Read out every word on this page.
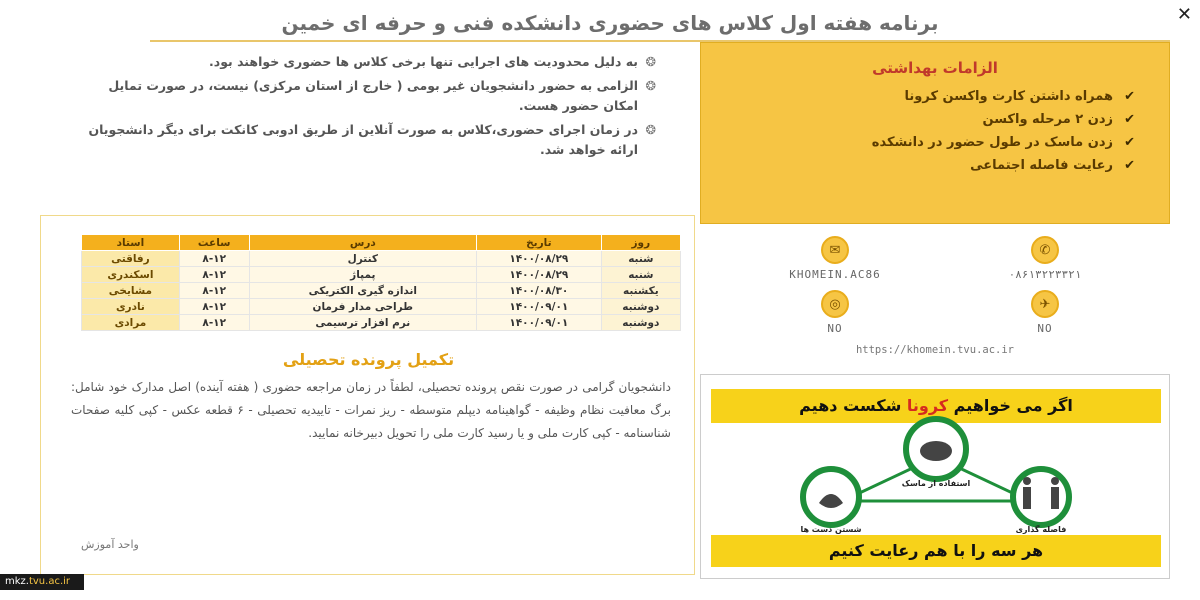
برنامه هفته اول کلاس های حضوری دانشکده فنی و حرفه ای خمین	✕
❂
به دلیل محدودیت های اجرایی تنها برخی کلاس ها حضوری خواهند بود.
❂
الزامی به حضور دانشجویان غیر بومی ( خارج از استان مرکزی) نیست، در صورت تمایل امکان حضور هست.
❂
در زمان اجرای حضوری،کلاس به صورت آنلاین از طریق ادوبی کانکت برای دیگر دانشجویان ارائه خواهد شد.
الزامات بهداشتی
✔
همراه داشتن کارت واکسن کرونا
✔
زدن ۲ مرحله واکسن
✔
زدن ماسک در طول حضور در دانشکده
✔
رعایت فاصله اجتماعی
روز	تاریخ	درس	ساعت	استاد
شنبه	۱۴۰۰/۰۸/۲۹	کنترل	۸-۱۲	رفاقتی
شنبه	۱۴۰۰/۰۸/۲۹	پمپاژ	۸-۱۲	اسکندری
یکشنبه	۱۴۰۰/۰۸/۳۰	اندازه گیری الکتریکی	۸-۱۲	مشایخی
دوشنبه	۱۴۰۰/۰۹/۰۱	طراحی مدار فرمان	۸-۱۲	نادری
دوشنبه	۱۴۰۰/۰۹/۰۱	نرم افزار ترسیمی	۸-۱۲	مرادی
تکمیل پرونده تحصیلی
دانشجویان گرامی در صورت نقص پرونده تحصیلی، لطفاً در زمان مراجعه حضوری ( هفته آینده) اصل مدارک خود شامل: برگ معافیت نظام وظیفه - گواهینامه دیپلم متوسطه - ریز نمرات - تاییدیه تحصیلی - ۶ قطعه عکس - کپی کلیه صفحات شناسنامه - کپی کارت ملی و یا رسید کارت ملی را تحویل دبیرخانه نمایید.
واحد آموزش
✆
۰۸۶۱۳۲۲۳۳۲۱
✉
KHOMEIN.AC86
✈
NO
◎
NO
https://khomein.tvu.ac.ir
اگر می خواهیم کرونا شکست دهیم
استفاده از ماسک
شستن دست ها	فاصله گذاری
هر سه را با هم رعایت کنیم
mkz.tvu.ac.ir
